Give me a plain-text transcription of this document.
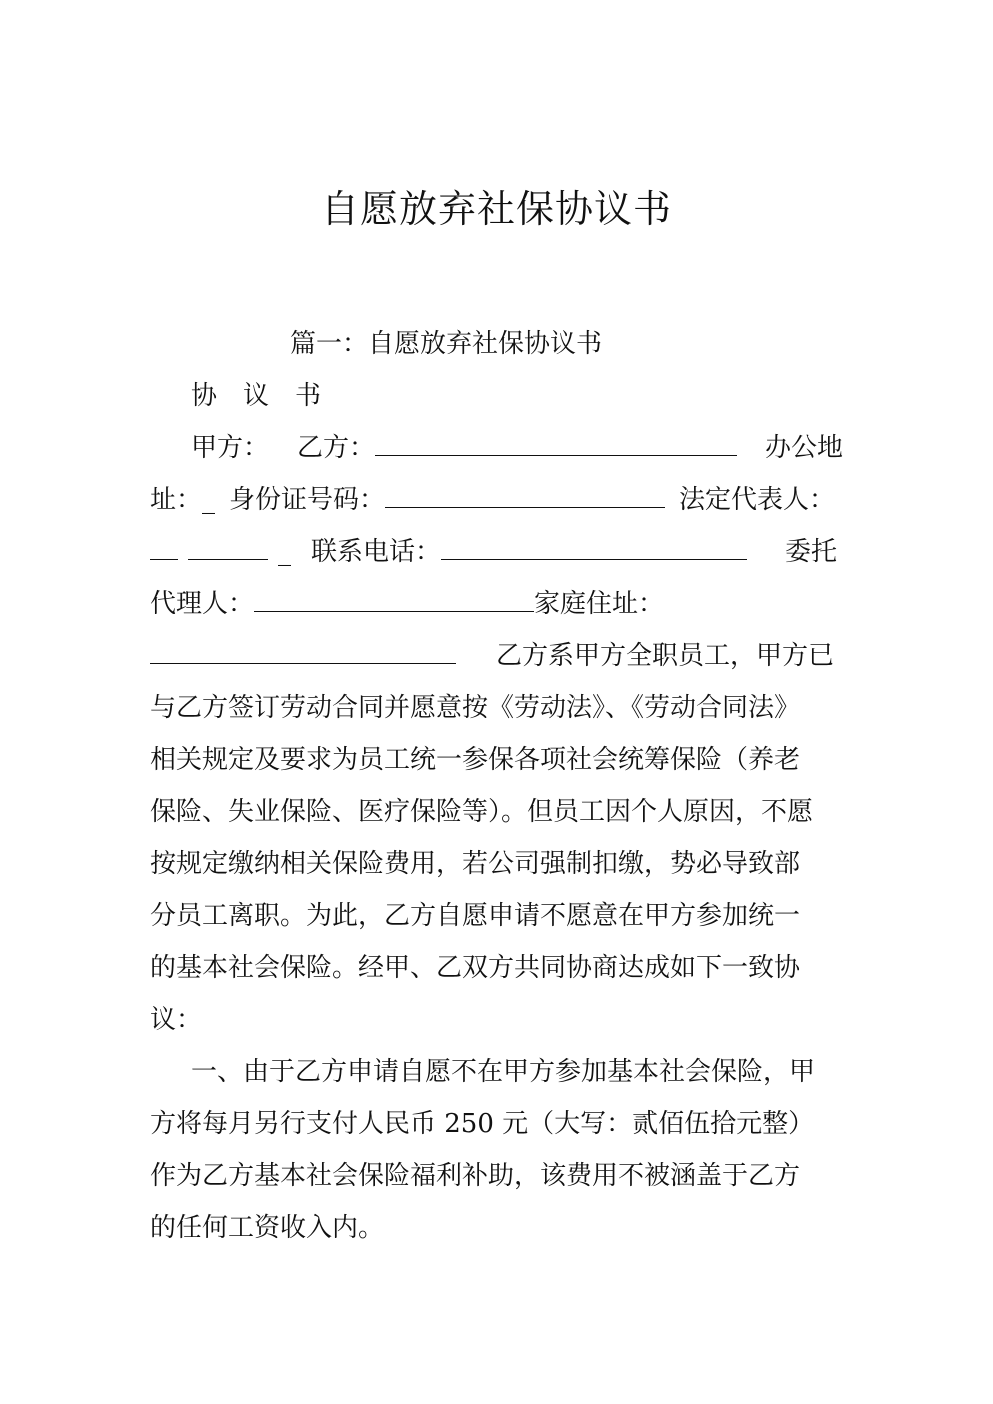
自愿放弃社保协议书
篇一：自愿放弃社保协议书
协　议　书
甲方： 乙方：	办公地
址：_ 身份证号码：	法定代表人：
_ 联系电话：	委托
代理人：	家庭住址：
乙方系甲方全职员工，甲方已
与乙方签订劳动合同并愿意按《劳动法》、《劳动合同法》
相关规定及要求为员工统一参保各项社会统筹保险（养老
保险、失业保险、医疗保险等）。但员工因个人原因，不愿
按规定缴纳相关保险费用，若公司强制扣缴，势必导致部
分员工离职。为此，乙方自愿申请不愿意在甲方参加统一
的基本社会保险。经甲、乙双方共同协商达成如下一致协
议：
一、由于乙方申请自愿不在甲方参加基本社会保险，甲
方将每月另行支付人民币 250 元（大写：贰佰伍拾元整）
作为乙方基本社会保险福利补助，该费用不被涵盖于乙方
的任何工资收入内。
